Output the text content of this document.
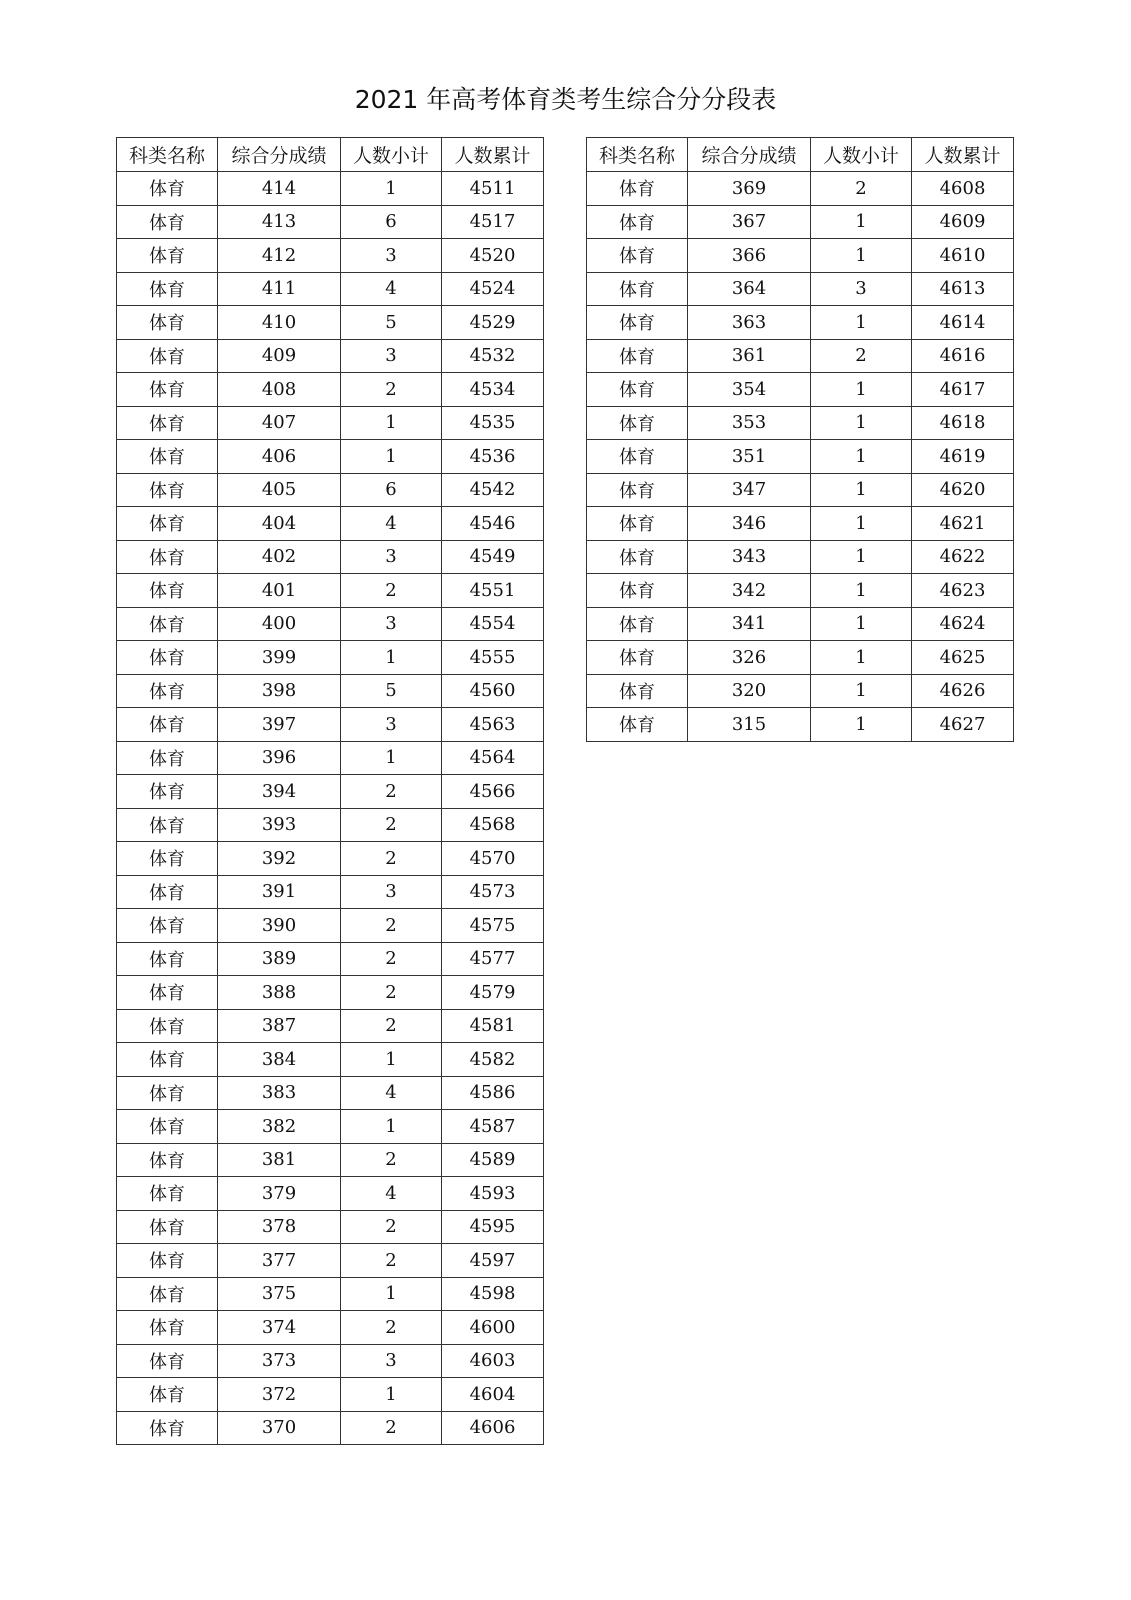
2021 年高考体育类考生综合分分段表
科类名称	综合分成绩	人数小计	人数累计
体育	414	1	4511
体育	413	6	4517
体育	412	3	4520
体育	411	4	4524
体育	410	5	4529
体育	409	3	4532
体育	408	2	4534
体育	407	1	4535
体育	406	1	4536
体育	405	6	4542
体育	404	4	4546
体育	402	3	4549
体育	401	2	4551
体育	400	3	4554
体育	399	1	4555
体育	398	5	4560
体育	397	3	4563
体育	396	1	4564
体育	394	2	4566
体育	393	2	4568
体育	392	2	4570
体育	391	3	4573
体育	390	2	4575
体育	389	2	4577
体育	388	2	4579
体育	387	2	4581
体育	384	1	4582
体育	383	4	4586
体育	382	1	4587
体育	381	2	4589
体育	379	4	4593
体育	378	2	4595
体育	377	2	4597
体育	375	1	4598
体育	374	2	4600
体育	373	3	4603
体育	372	1	4604
体育	370	2	4606
科类名称	综合分成绩	人数小计	人数累计
体育	369	2	4608
体育	367	1	4609
体育	366	1	4610
体育	364	3	4613
体育	363	1	4614
体育	361	2	4616
体育	354	1	4617
体育	353	1	4618
体育	351	1	4619
体育	347	1	4620
体育	346	1	4621
体育	343	1	4622
体育	342	1	4623
体育	341	1	4624
体育	326	1	4625
体育	320	1	4626
体育	315	1	4627
